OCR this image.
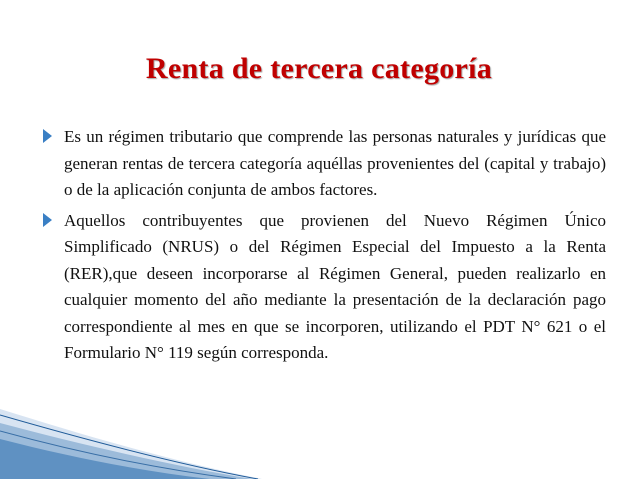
Renta de tercera categoría
Es un régimen tributario que comprende las personas naturales y jurídicas que generan rentas de tercera categoría aquéllas provenientes del (capital y trabajo) o de la aplicación conjunta de ambos factores.
Aquellos contribuyentes que provienen del Nuevo Régimen Único Simplificado (NRUS) o del Régimen Especial del Impuesto a la Renta (RER),que deseen incorporarse al Régimen General, pueden realizarlo en cualquier momento del año mediante la presentación de la declaración pago correspondiente al mes en que se incorporen, utilizando el PDT N° 621 o el Formulario N° 119 según corresponda.
